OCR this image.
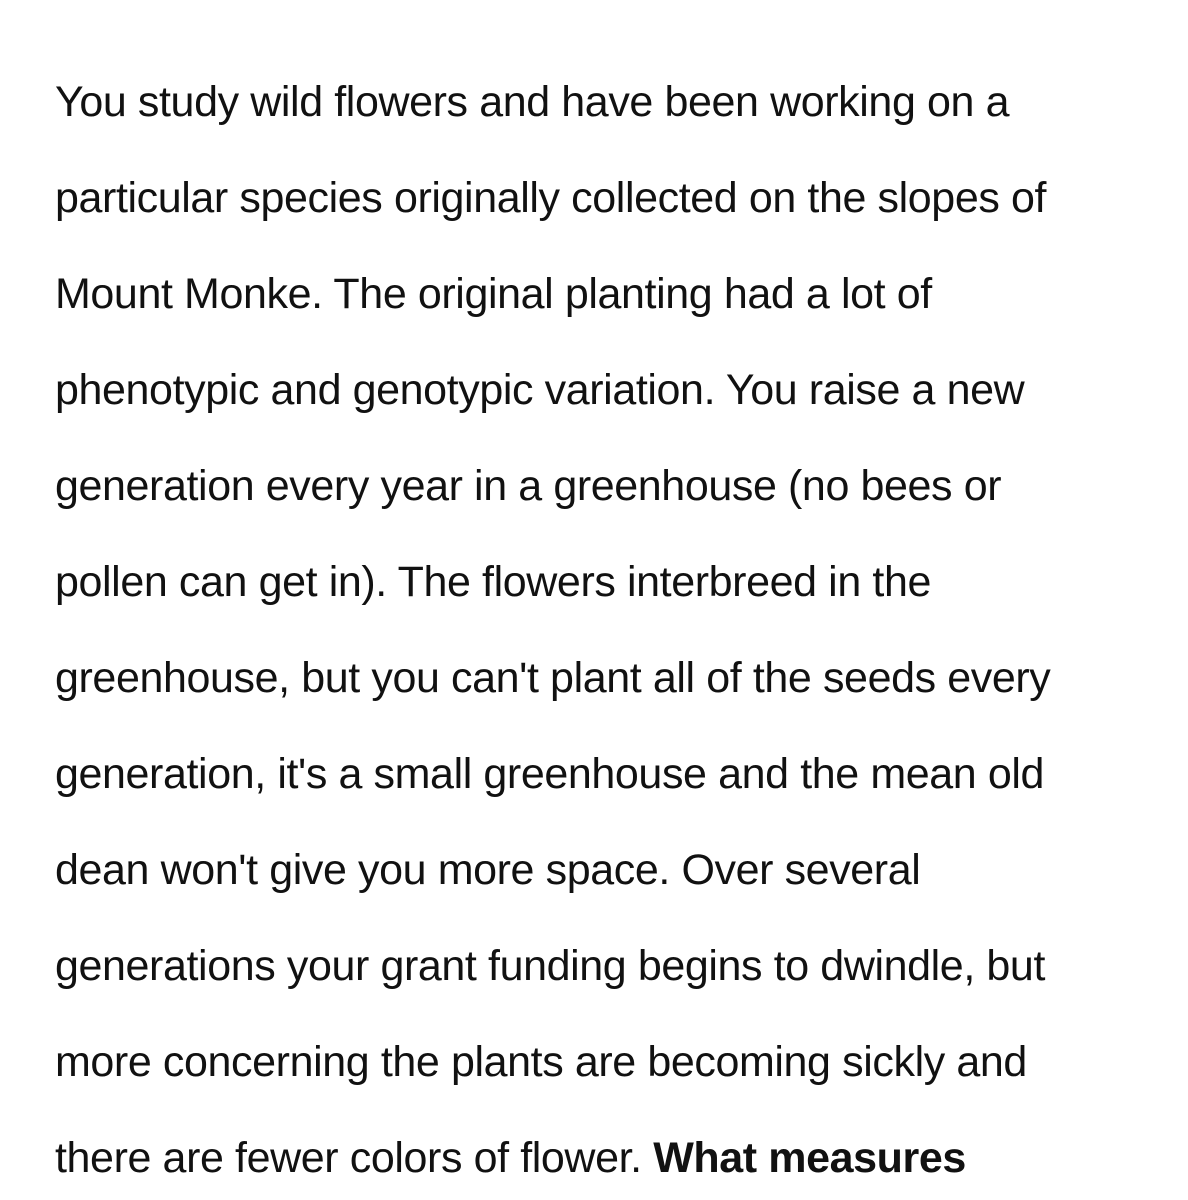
You study wild flowers and have been working on a
particular species originally collected on the slopes of
Mount Monke. The original planting had a lot of
phenotypic and genotypic variation. You raise a new
generation every year in a greenhouse (no bees or
pollen can get in). The flowers interbreed in the
greenhouse, but you can't plant all of the seeds every
generation, it's a small greenhouse and the mean old
dean won't give you more space. Over several
generations your grant funding begins to dwindle, but
more concerning the plants are becoming sickly and
there are fewer colors of flower. What measures
